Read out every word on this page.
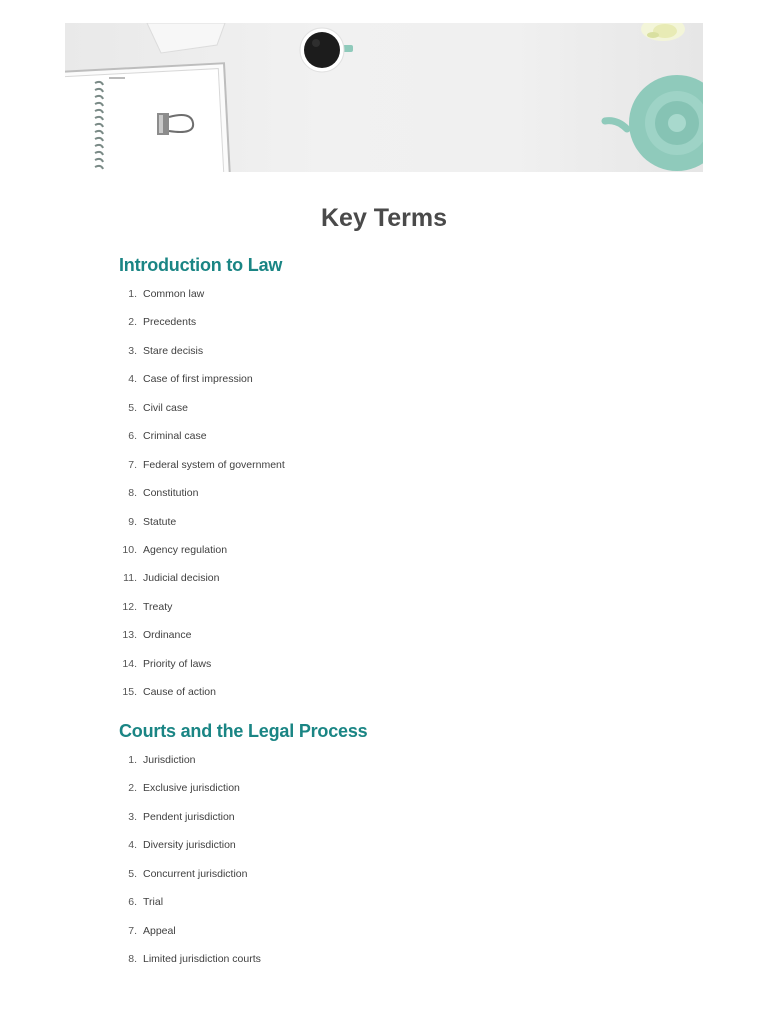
Key Terms
Introduction to Law
1. Common law
2. Precedents
3. Stare decisis
4. Case of first impression
5. Civil case
6. Criminal case
7. Federal system of government
8. Constitution
9. Statute
10. Agency regulation
11. Judicial decision
12. Treaty
13. Ordinance
14. Priority of laws
15. Cause of action
Courts and the Legal Process
1. Jurisdiction
2. Exclusive jurisdiction
3. Pendent jurisdiction
4. Diversity jurisdiction
5. Concurrent jurisdiction
6. Trial
7. Appeal
8. Limited jurisdiction courts
